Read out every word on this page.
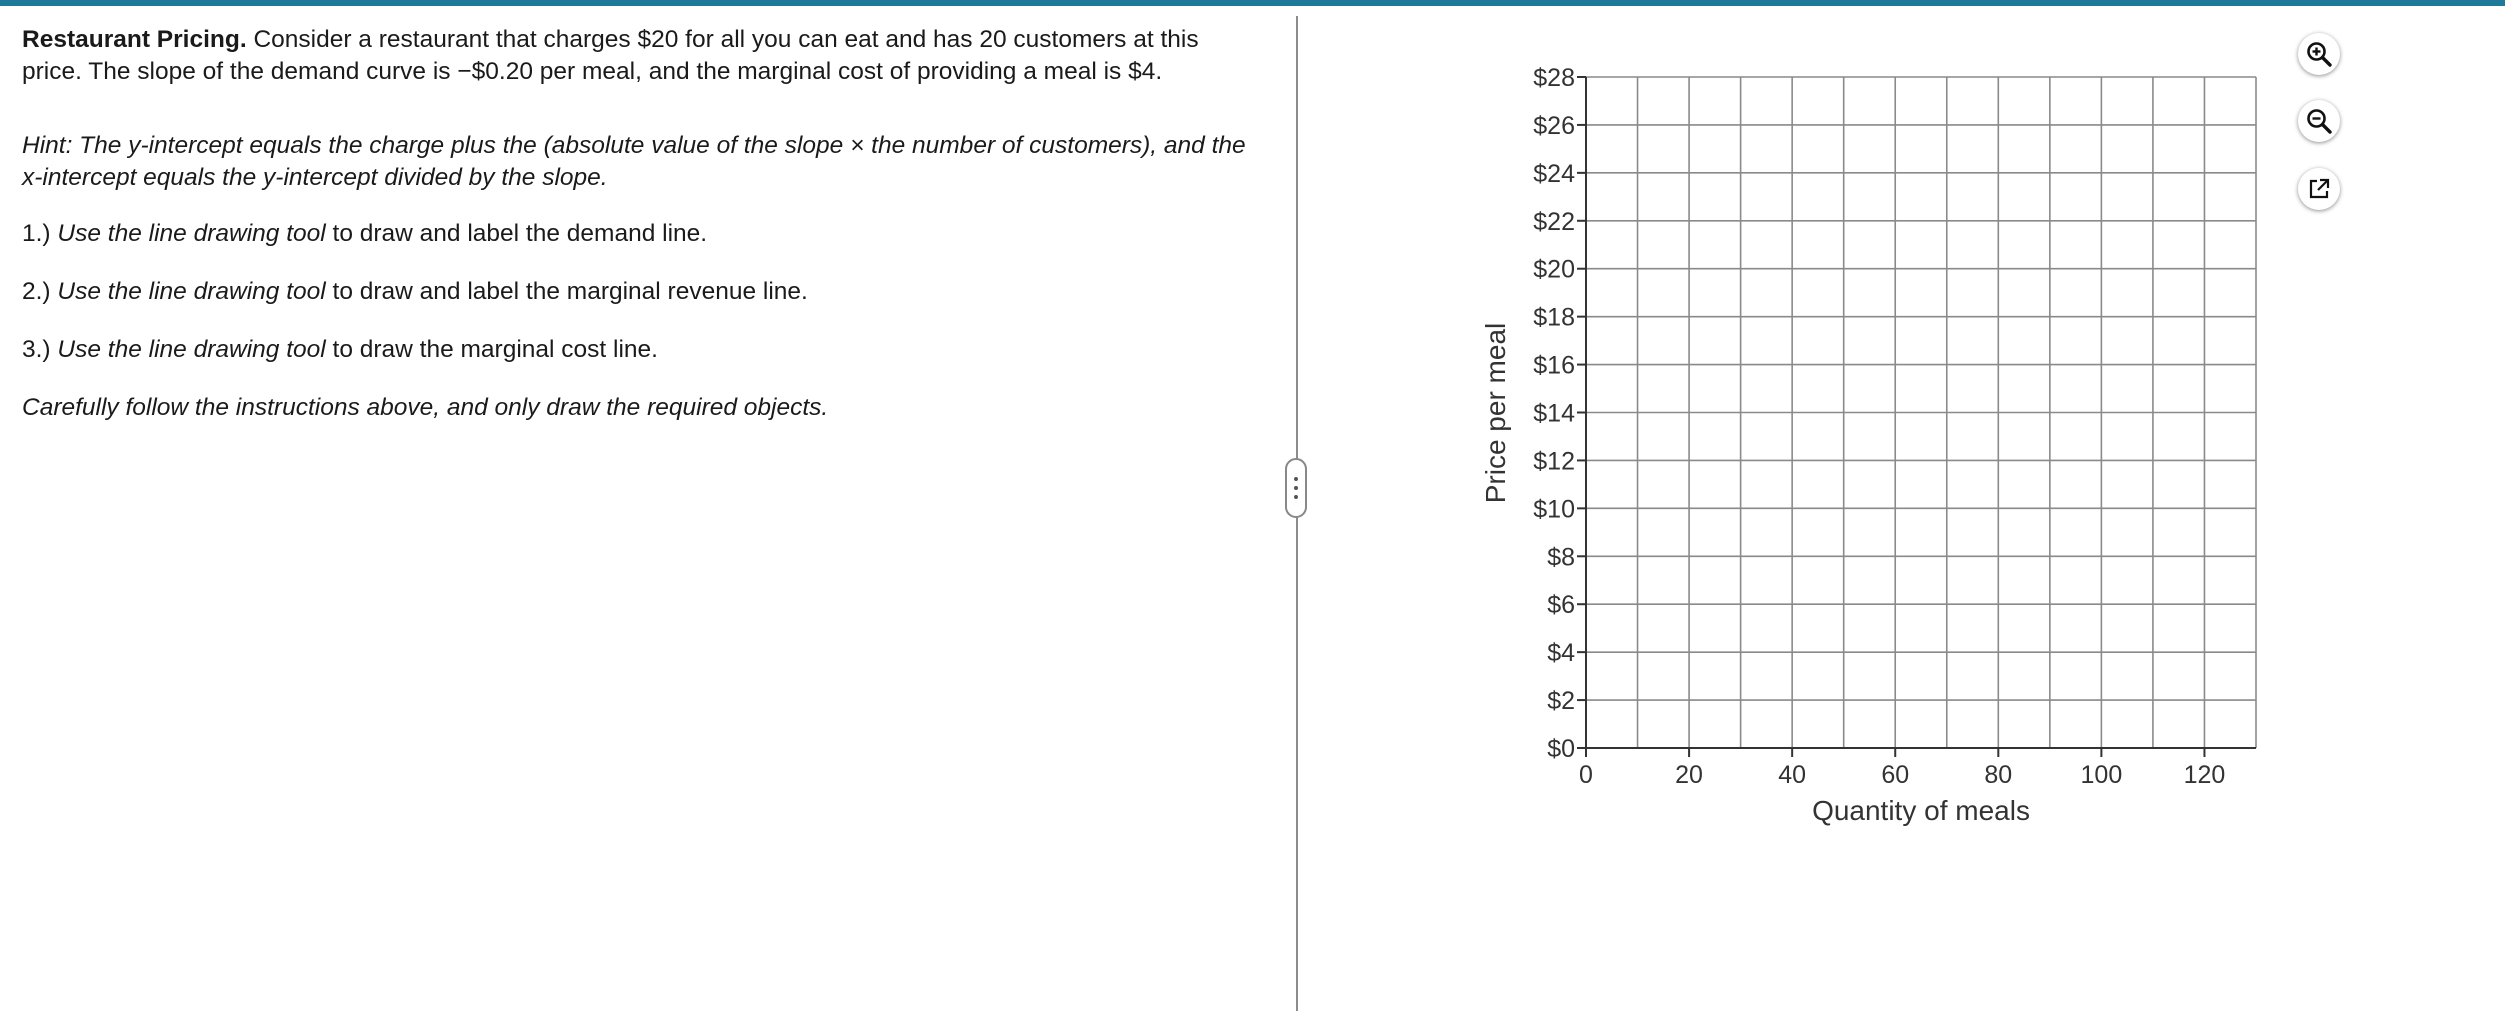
Restaurant Pricing. Consider a restaurant that charges $20 for all you can eat and has 20 customers at this price. The slope of the demand curve is −$0.20 per meal, and the marginal cost of providing a meal is $4.

Hint: The y-intercept equals the charge plus the (absolute value of the slope × the number of customers), and the x-intercept equals the y-intercept divided by the slope.

1.) Use the line drawing tool to draw and label the demand line.

2.) Use the line drawing tool to draw and label the marginal revenue line.

3.) Use the line drawing tool to draw the marginal cost line.

Carefully follow the instructions above, and only draw the required objects.

$0
$2
$4
$6
$8
$10
$12
$14
$16
$18
$20
$22
$24
$26
$28
0	20	40	60	80	100 120
Quantity of meals
Price per meal
